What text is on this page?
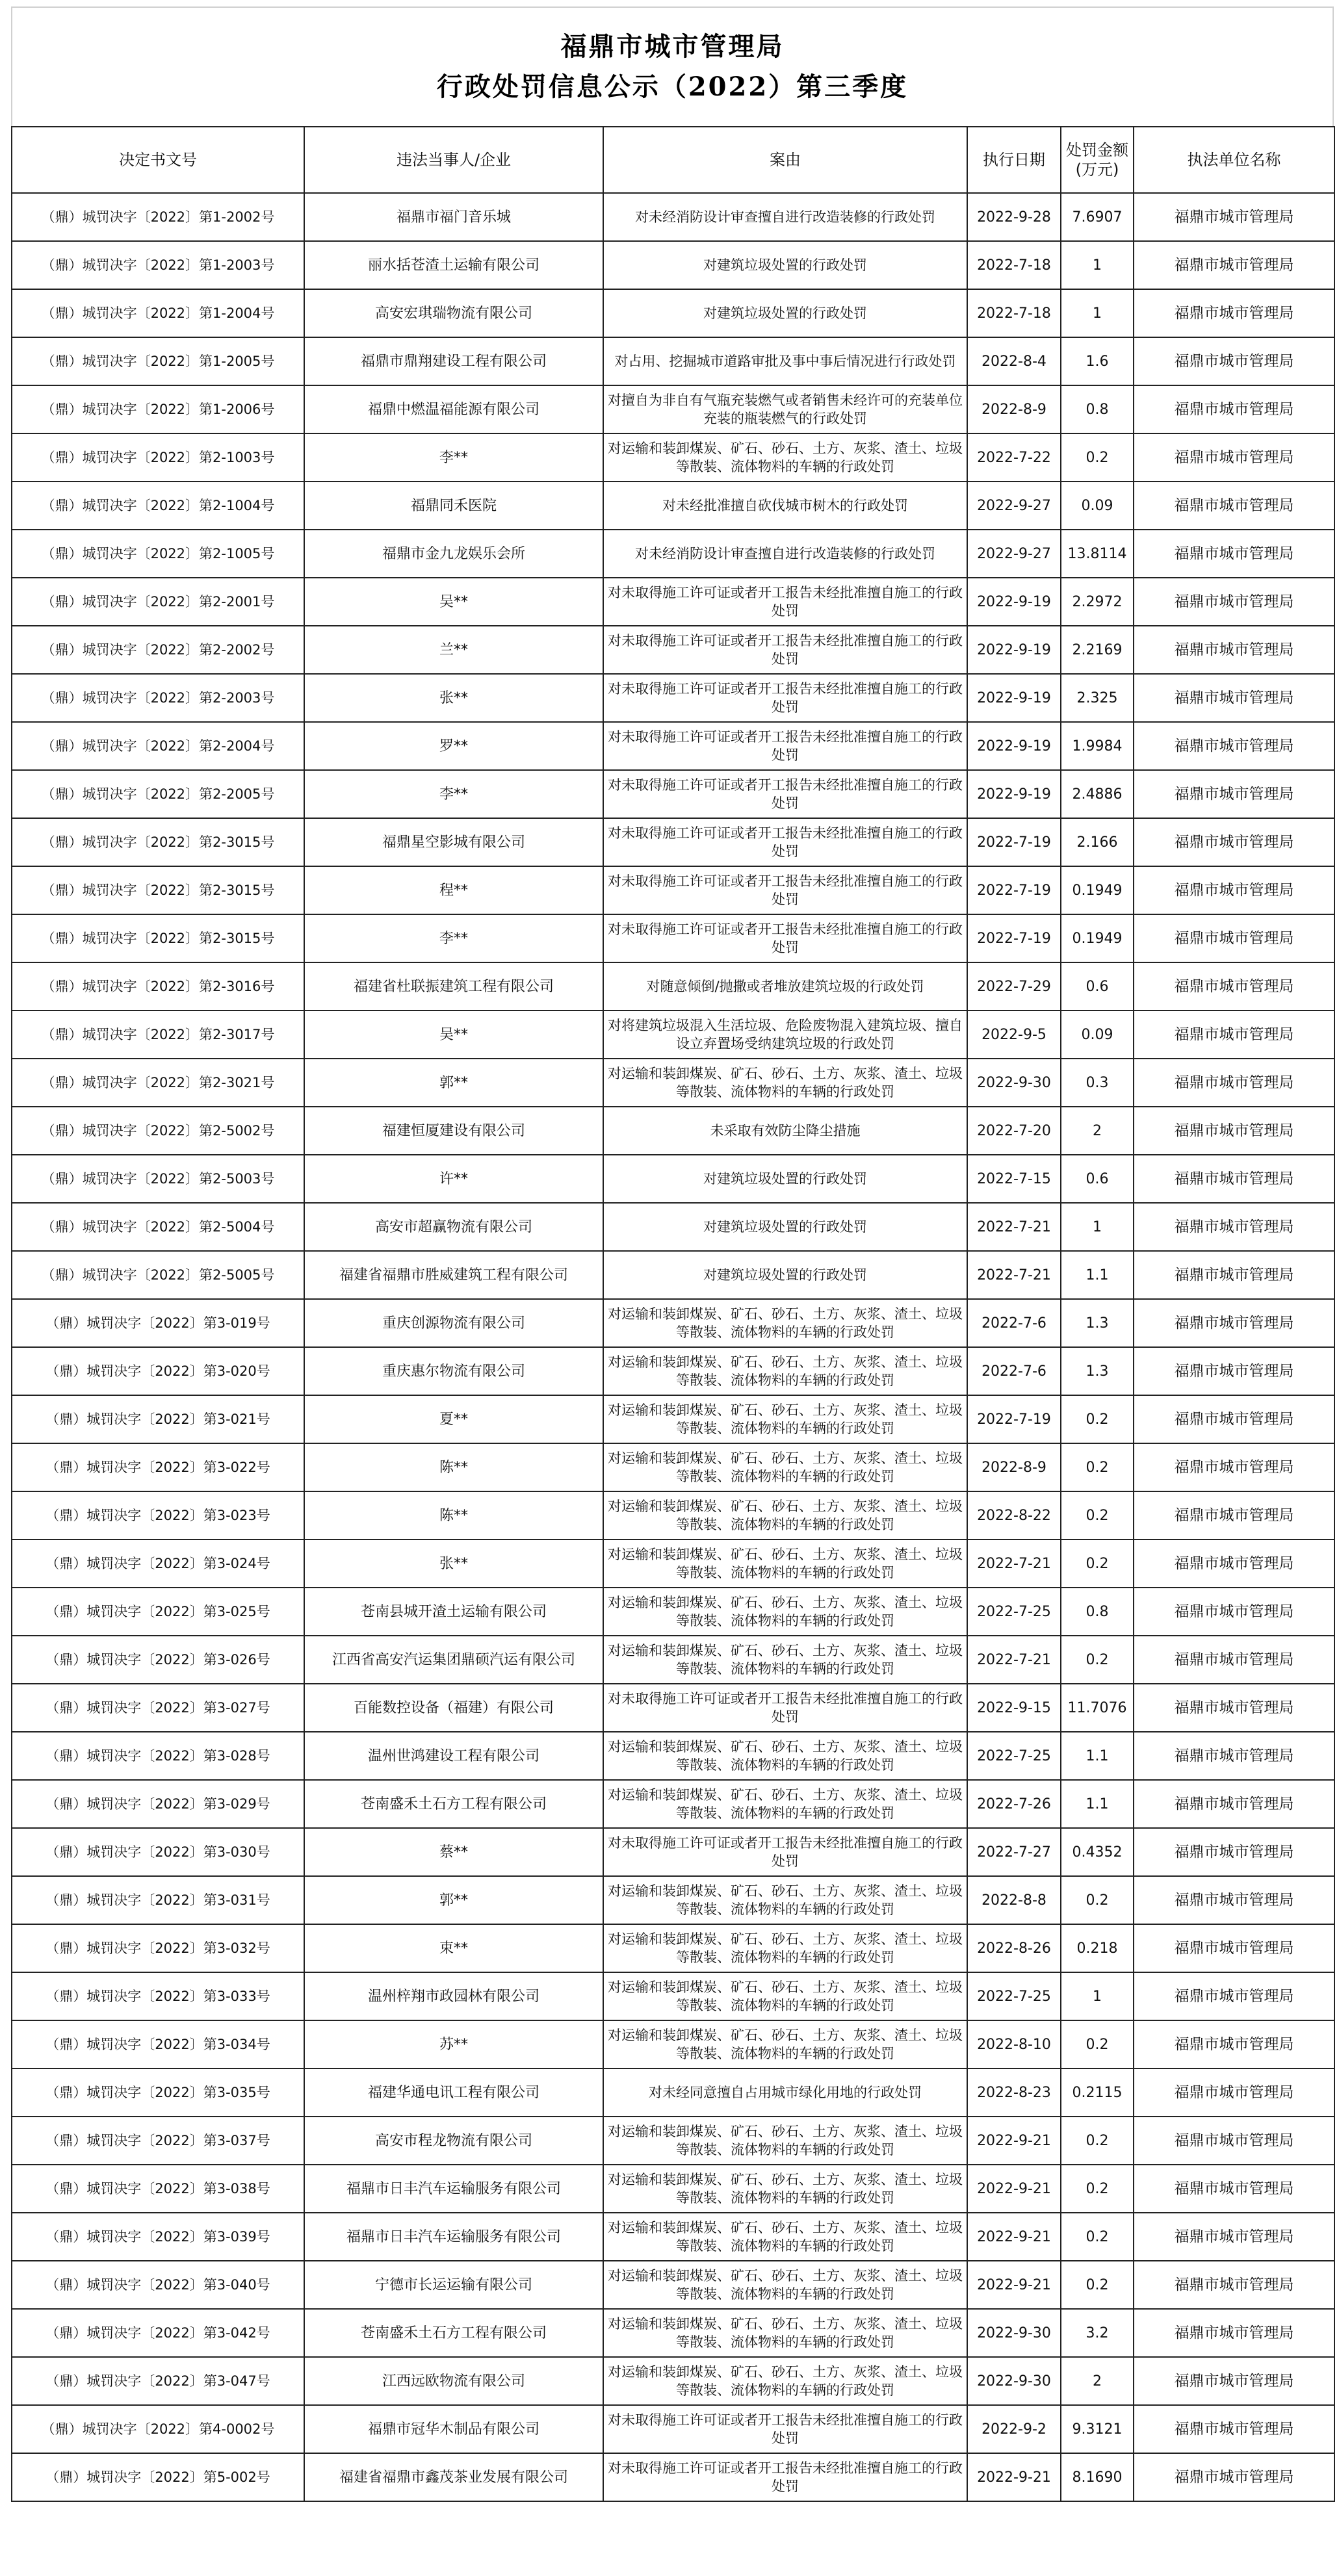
福鼎市城市管理局
行政处罚信息公示（2022）第三季度
决定书文号	违法当事人/企业	案由	执行日期	处罚金额(万元)	执法单位名称
（鼎）城罚决字〔2022〕第1-2002号	福鼎市福门音乐城	对未经消防设计审查擅自进行改造装修的行政处罚	2022-9-28	7.6907	福鼎市城市管理局
（鼎）城罚决字〔2022〕第1-2003号	丽水括苍渣土运输有限公司	对建筑垃圾处置的行政处罚	2022-7-18	1	福鼎市城市管理局
（鼎）城罚决字〔2022〕第1-2004号	高安宏琪瑞物流有限公司	对建筑垃圾处置的行政处罚	2022-7-18	1	福鼎市城市管理局
（鼎）城罚决字〔2022〕第1-2005号	福鼎市鼎翔建设工程有限公司	对占用、挖掘城市道路审批及事中事后情况进行行政处罚	2022-8-4	1.6	福鼎市城市管理局
（鼎）城罚决字〔2022〕第1-2006号	福鼎中燃温福能源有限公司	对擅自为非自有气瓶充装燃气或者销售未经许可的充装单位充装的瓶装燃气的行政处罚	2022-8-9	0.8	福鼎市城市管理局
（鼎）城罚决字〔2022〕第2-1003号	李**	对运输和装卸煤炭、矿石、砂石、土方、灰浆、渣土、垃圾等散装、流体物料的车辆的行政处罚	2022-7-22	0.2	福鼎市城市管理局
（鼎）城罚决字〔2022〕第2-1004号	福鼎同禾医院	对未经批准擅自砍伐城市树木的行政处罚	2022-9-27	0.09	福鼎市城市管理局
（鼎）城罚决字〔2022〕第2-1005号	福鼎市金九龙娱乐会所	对未经消防设计审查擅自进行改造装修的行政处罚	2022-9-27	13.8114	福鼎市城市管理局
（鼎）城罚决字〔2022〕第2-2001号	吴**	对未取得施工许可证或者开工报告未经批准擅自施工的行政处罚	2022-9-19	2.2972	福鼎市城市管理局
（鼎）城罚决字〔2022〕第2-2002号	兰**	对未取得施工许可证或者开工报告未经批准擅自施工的行政处罚	2022-9-19	2.2169	福鼎市城市管理局
（鼎）城罚决字〔2022〕第2-2003号	张**	对未取得施工许可证或者开工报告未经批准擅自施工的行政处罚	2022-9-19	2.325	福鼎市城市管理局
（鼎）城罚决字〔2022〕第2-2004号	罗**	对未取得施工许可证或者开工报告未经批准擅自施工的行政处罚	2022-9-19	1.9984	福鼎市城市管理局
（鼎）城罚决字〔2022〕第2-2005号	李**	对未取得施工许可证或者开工报告未经批准擅自施工的行政处罚	2022-9-19	2.4886	福鼎市城市管理局
（鼎）城罚决字〔2022〕第2-3015号	福鼎星空影城有限公司	对未取得施工许可证或者开工报告未经批准擅自施工的行政处罚	2022-7-19	2.166	福鼎市城市管理局
（鼎）城罚决字〔2022〕第2-3015号	程**	对未取得施工许可证或者开工报告未经批准擅自施工的行政处罚	2022-7-19	0.1949	福鼎市城市管理局
（鼎）城罚决字〔2022〕第2-3015号	李**	对未取得施工许可证或者开工报告未经批准擅自施工的行政处罚	2022-7-19	0.1949	福鼎市城市管理局
（鼎）城罚决字〔2022〕第2-3016号	福建省杜联振建筑工程有限公司	对随意倾倒/抛撒或者堆放建筑垃圾的行政处罚	2022-7-29	0.6	福鼎市城市管理局
（鼎）城罚决字〔2022〕第2-3017号	吴**	对将建筑垃圾混入生活垃圾、危险废物混入建筑垃圾、擅自设立弃置场受纳建筑垃圾的行政处罚	2022-9-5	0.09	福鼎市城市管理局
（鼎）城罚决字〔2022〕第2-3021号	郭**	对运输和装卸煤炭、矿石、砂石、土方、灰浆、渣土、垃圾等散装、流体物料的车辆的行政处罚	2022-9-30	0.3	福鼎市城市管理局
（鼎）城罚决字〔2022〕第2-5002号	福建恒厦建设有限公司	未采取有效防尘降尘措施	2022-7-20	2	福鼎市城市管理局
（鼎）城罚决字〔2022〕第2-5003号	许**	对建筑垃圾处置的行政处罚	2022-7-15	0.6	福鼎市城市管理局
（鼎）城罚决字〔2022〕第2-5004号	高安市超赢物流有限公司	对建筑垃圾处置的行政处罚	2022-7-21	1	福鼎市城市管理局
（鼎）城罚决字〔2022〕第2-5005号	福建省福鼎市胜威建筑工程有限公司	对建筑垃圾处置的行政处罚	2022-7-21	1.1	福鼎市城市管理局
（鼎）城罚决字〔2022〕第3-019号	重庆创源物流有限公司	对运输和装卸煤炭、矿石、砂石、土方、灰浆、渣土、垃圾等散装、流体物料的车辆的行政处罚	2022-7-6	1.3	福鼎市城市管理局
（鼎）城罚决字〔2022〕第3-020号	重庆惠尔物流有限公司	对运输和装卸煤炭、矿石、砂石、土方、灰浆、渣土、垃圾等散装、流体物料的车辆的行政处罚	2022-7-6	1.3	福鼎市城市管理局
（鼎）城罚决字〔2022〕第3-021号	夏**	对运输和装卸煤炭、矿石、砂石、土方、灰浆、渣土、垃圾等散装、流体物料的车辆的行政处罚	2022-7-19	0.2	福鼎市城市管理局
（鼎）城罚决字〔2022〕第3-022号	陈**	对运输和装卸煤炭、矿石、砂石、土方、灰浆、渣土、垃圾等散装、流体物料的车辆的行政处罚	2022-8-9	0.2	福鼎市城市管理局
（鼎）城罚决字〔2022〕第3-023号	陈**	对运输和装卸煤炭、矿石、砂石、土方、灰浆、渣土、垃圾等散装、流体物料的车辆的行政处罚	2022-8-22	0.2	福鼎市城市管理局
（鼎）城罚决字〔2022〕第3-024号	张**	对运输和装卸煤炭、矿石、砂石、土方、灰浆、渣土、垃圾等散装、流体物料的车辆的行政处罚	2022-7-21	0.2	福鼎市城市管理局
（鼎）城罚决字〔2022〕第3-025号	苍南县城开渣土运输有限公司	对运输和装卸煤炭、矿石、砂石、土方、灰浆、渣土、垃圾等散装、流体物料的车辆的行政处罚	2022-7-25	0.8	福鼎市城市管理局
（鼎）城罚决字〔2022〕第3-026号	江西省高安汽运集团鼎硕汽运有限公司	对运输和装卸煤炭、矿石、砂石、土方、灰浆、渣土、垃圾等散装、流体物料的车辆的行政处罚	2022-7-21	0.2	福鼎市城市管理局
（鼎）城罚决字〔2022〕第3-027号	百能数控设备（福建）有限公司	对未取得施工许可证或者开工报告未经批准擅自施工的行政处罚	2022-9-15	11.7076	福鼎市城市管理局
（鼎）城罚决字〔2022〕第3-028号	温州世鸿建设工程有限公司	对运输和装卸煤炭、矿石、砂石、土方、灰浆、渣土、垃圾等散装、流体物料的车辆的行政处罚	2022-7-25	1.1	福鼎市城市管理局
（鼎）城罚决字〔2022〕第3-029号	苍南盛禾土石方工程有限公司	对运输和装卸煤炭、矿石、砂石、土方、灰浆、渣土、垃圾等散装、流体物料的车辆的行政处罚	2022-7-26	1.1	福鼎市城市管理局
（鼎）城罚决字〔2022〕第3-030号	蔡**	对未取得施工许可证或者开工报告未经批准擅自施工的行政处罚	2022-7-27	0.4352	福鼎市城市管理局
（鼎）城罚决字〔2022〕第3-031号	郭**	对运输和装卸煤炭、矿石、砂石、土方、灰浆、渣土、垃圾等散装、流体物料的车辆的行政处罚	2022-8-8	0.2	福鼎市城市管理局
（鼎）城罚决字〔2022〕第3-032号	束**	对运输和装卸煤炭、矿石、砂石、土方、灰浆、渣土、垃圾等散装、流体物料的车辆的行政处罚	2022-8-26	0.218	福鼎市城市管理局
（鼎）城罚决字〔2022〕第3-033号	温州梓翔市政园林有限公司	对运输和装卸煤炭、矿石、砂石、土方、灰浆、渣土、垃圾等散装、流体物料的车辆的行政处罚	2022-7-25	1	福鼎市城市管理局
（鼎）城罚决字〔2022〕第3-034号	苏**	对运输和装卸煤炭、矿石、砂石、土方、灰浆、渣土、垃圾等散装、流体物料的车辆的行政处罚	2022-8-10	0.2	福鼎市城市管理局
（鼎）城罚决字〔2022〕第3-035号	福建华通电讯工程有限公司	对未经同意擅自占用城市绿化用地的行政处罚	2022-8-23	0.2115	福鼎市城市管理局
（鼎）城罚决字〔2022〕第3-037号	高安市程龙物流有限公司	对运输和装卸煤炭、矿石、砂石、土方、灰浆、渣土、垃圾等散装、流体物料的车辆的行政处罚	2022-9-21	0.2	福鼎市城市管理局
（鼎）城罚决字〔2022〕第3-038号	福鼎市日丰汽车运输服务有限公司	对运输和装卸煤炭、矿石、砂石、土方、灰浆、渣土、垃圾等散装、流体物料的车辆的行政处罚	2022-9-21	0.2	福鼎市城市管理局
（鼎）城罚决字〔2022〕第3-039号	福鼎市日丰汽车运输服务有限公司	对运输和装卸煤炭、矿石、砂石、土方、灰浆、渣土、垃圾等散装、流体物料的车辆的行政处罚	2022-9-21	0.2	福鼎市城市管理局
（鼎）城罚决字〔2022〕第3-040号	宁德市长运运输有限公司	对运输和装卸煤炭、矿石、砂石、土方、灰浆、渣土、垃圾等散装、流体物料的车辆的行政处罚	2022-9-21	0.2	福鼎市城市管理局
（鼎）城罚决字〔2022〕第3-042号	苍南盛禾土石方工程有限公司	对运输和装卸煤炭、矿石、砂石、土方、灰浆、渣土、垃圾等散装、流体物料的车辆的行政处罚	2022-9-30	3.2	福鼎市城市管理局
（鼎）城罚决字〔2022〕第3-047号	江西远欧物流有限公司	对运输和装卸煤炭、矿石、砂石、土方、灰浆、渣土、垃圾等散装、流体物料的车辆的行政处罚	2022-9-30	2	福鼎市城市管理局
（鼎）城罚决字〔2022〕第4-0002号	福鼎市冠华木制品有限公司	对未取得施工许可证或者开工报告未经批准擅自施工的行政处罚	2022-9-2	9.3121	福鼎市城市管理局
（鼎）城罚决字〔2022〕第5-002号	福建省福鼎市鑫茂茶业发展有限公司	对未取得施工许可证或者开工报告未经批准擅自施工的行政处罚	2022-9-21	8.1690	福鼎市城市管理局
